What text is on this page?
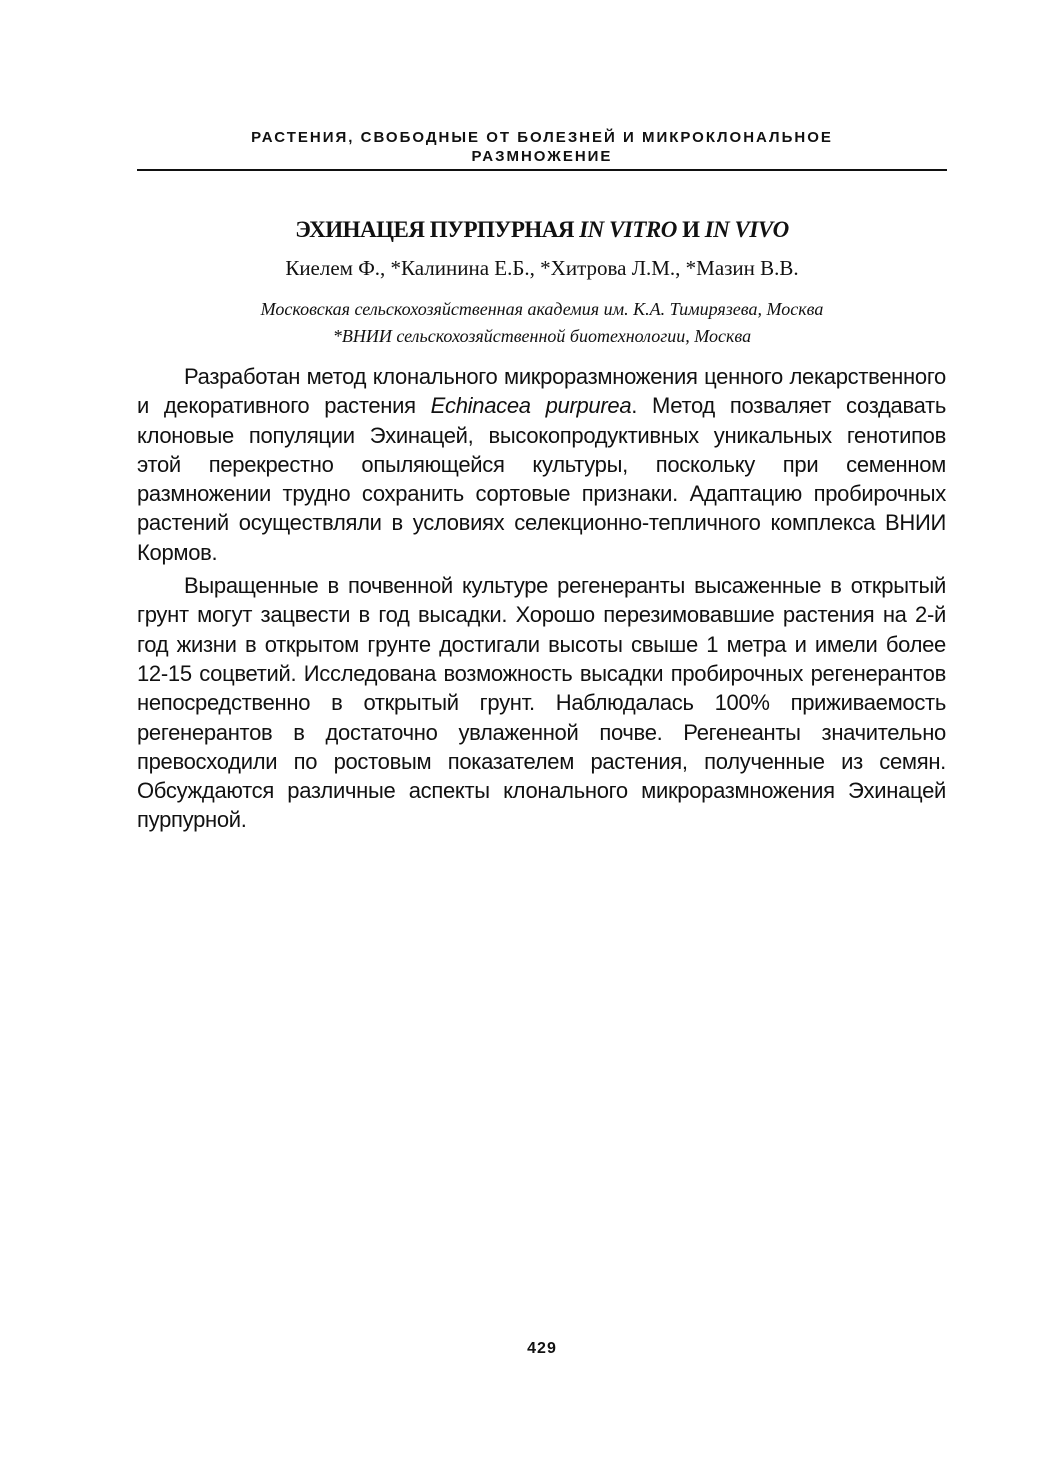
РАСТЕНИЯ, СВОБОДНЫЕ ОТ БОЛЕЗНЕЙ И МИКРОКЛОНАЛЬНОЕ
РАЗМНОЖЕНИЕ
ЭХИНАЦЕЯ ПУРПУРНАЯ IN VITRO И IN VIVO
Киелем Ф., *Калинина Е.Б., *Хитрова Л.М., *Мазин В.В.
Московская сельскохозяйственная академия им. К.А. Тимирязева, Москва
*ВНИИ сельскохозяйственной биотехнологии, Москва

Разработан метод клонального микроразмножения ценного лекарственного и декоративного растения Echinacea purpurea. Метод позваляет создавать клоновые популяции Эхинацей, высокопродуктивных уникальных генотипов этой перекрестно опыляющейся культуры, поскольку при семенном размножении трудно сохранить сортовые признаки. Адаптацию пробирочных растений осуществляли в условиях селекционно-тепличного комплекса ВНИИ Кормов.

Выращенные в почвенной культуре регенеранты высаженные в открытый грунт могут зацвести в год высадки. Хорошо перезимовавшие растения на 2-й год жизни в открытом грунте достигали высоты свыше 1 метра и имели более 12-15 соцветий. Исследована возможность высадки пробирочных регенерантов непосредственно в открытый грунт. Наблюдалась 100% приживаемость регенерантов в достаточно увлаженной почве. Регенеанты значительно превосходили по ростовым показателем растения, полученные из семян. Обсуждаются различные аспекты клонального микроразмножения Эхинацей пурпурной.

429
